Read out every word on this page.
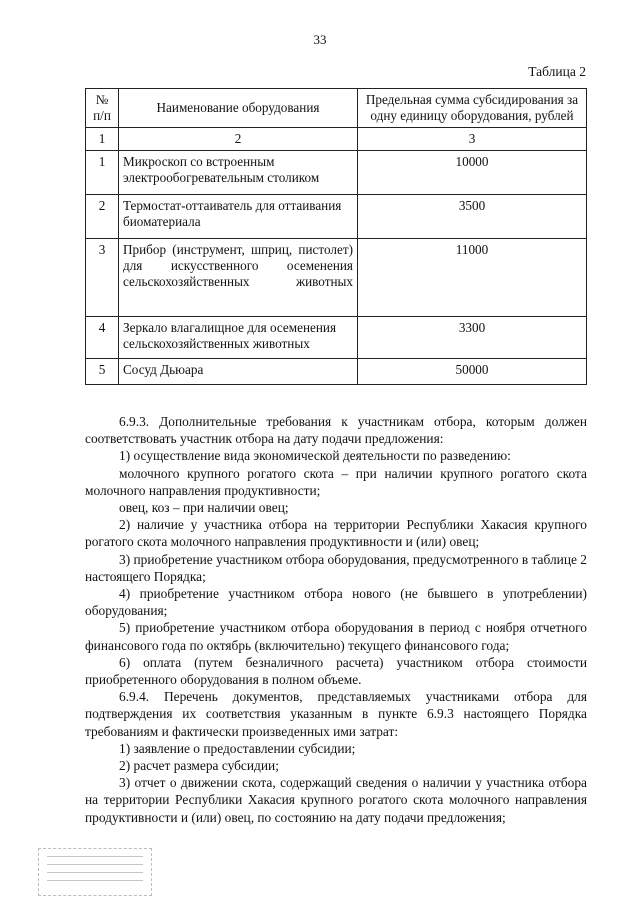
33
Таблица 2
№ п/п	Наименование оборудования	Предельная сумма субсидирования за одну единицу оборудования, рублей
1	2	3
1	Микроскоп со встроенным электрообогревательным столиком	10000
2	Термостат-оттаиватель для оттаивания биоматериала	3500
3	Прибор (инструмент, шприц, пистолет) для искусственного осеменения сельскохозяйственных животных	11000
4	Зеркало влагалищное для осеменения сельскохозяйственных животных	3300
5	Сосуд Дьюара	50000

6.9.3. Дополнительные требования к участникам отбора, которым должен соответствовать участник отбора на дату подачи предложения:

1) осуществление вида экономической деятельности по разведению:

молочного крупного рогатого скота – при наличии крупного рогатого скота молочного направления продуктивности;

овец, коз – при наличии овец;

2) наличие у участника отбора на территории Республики Хакасия крупного рогатого скота молочного направления продуктивности и (или) овец;

3) приобретение участником отбора оборудования, предусмотренного в таблице 2 настоящего Порядка;

4) приобретение участником отбора нового (не бывшего в употреблении) оборудования;

5) приобретение участником отбора оборудования в период с ноября отчетного финансового года по октябрь (включительно) текущего финансового года;

6) оплата (путем безналичного расчета) участником отбора стоимости приобретенного оборудования в полном объеме.

6.9.4. Перечень документов, представляемых участниками отбора для подтверждения их соответствия указанным в пункте 6.9.3 настоящего Порядка требованиям и фактически произведенных ими затрат:

1) заявление о предоставлении субсидии;

2) расчет размера субсидии;

3) отчет о движении скота, содержащий сведения о наличии у участника отбора на территории Республики Хакасия крупного рогатого скота молочного направления продуктивности и (или) овец, по состоянию на дату подачи предложения;
